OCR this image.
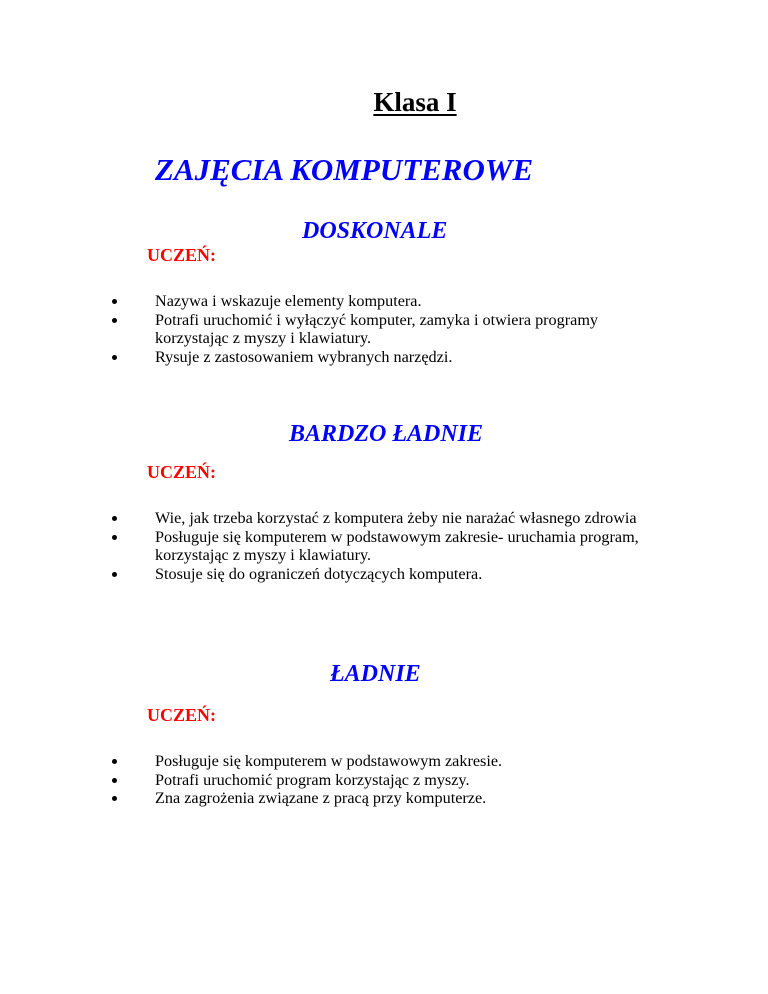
Klasa I
ZAJĘCIA KOMPUTEROWE
DOSKONALE
UCZEŃ:
Nazywa i wskazuje elementy komputera.
Potrafi uruchomić i wyłączyć komputer, zamyka i otwiera programy korzystając z myszy i klawiatury.
Rysuje z zastosowaniem wybranych narzędzi.
BARDZO ŁADNIE
UCZEŃ:
Wie, jak trzeba korzystać z komputera żeby nie narażać własnego zdrowia
Posługuje się komputerem w podstawowym zakresie- uruchamia program, korzystając z myszy i klawiatury.
Stosuje się do ograniczeń dotyczących komputera.
ŁADNIE
UCZEŃ:
Posługuje się komputerem w podstawowym zakresie.
Potrafi uruchomić program korzystając z myszy.
Zna zagrożenia związane z pracą przy komputerze.
